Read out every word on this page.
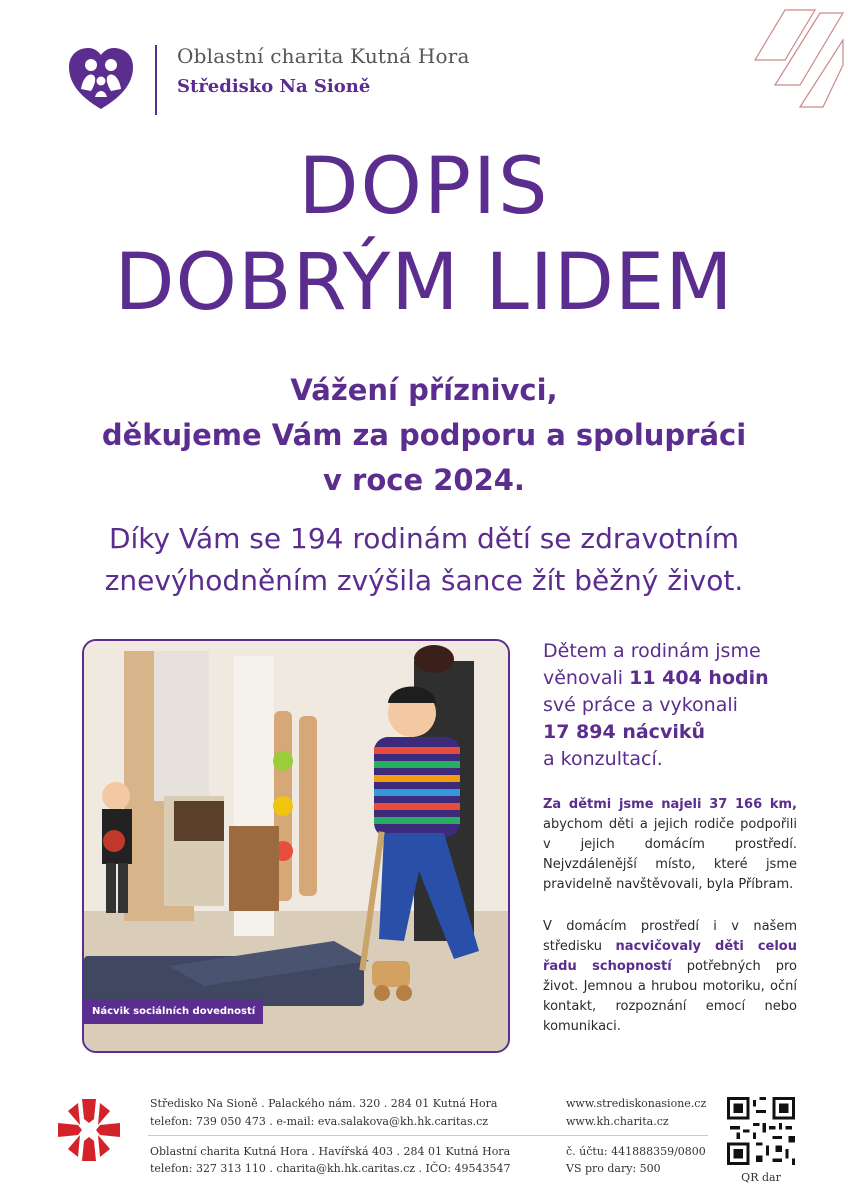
Oblastní charita Kutná Hora
Středisko Na Sioně
DOPIS
DOBRÝM LIDEM
Vážení příznivci,
děkujeme Vám za podporu a spolupráci
v roce 2024.
Díky Vám se 194 rodinám dětí se zdravotním
znevýhodněním zvýšila šance žít běžný život.
Nácvik sociálních dovedností
Dětem a rodinám jsme
věnovali 11 404 hodin
své práce a vykonali
17 894 nácviků
a konzultací.
Za dětmi jsme najeli 37 166 km, abychom děti a jejich rodiče podpořili v jejich domácím prostředí. Nejvzdálenější místo, které jsme pravidelně navštěvovali, byla Příbram.
V domácím prostředí i v našem středisku nacvičovaly děti celou řadu schopností potřebných pro život. Jemnou a hrubou motoriku, oční kontakt, rozpoznání emocí nebo komunikaci.
Středisko Na Sioně . Palackého nám. 320 . 284 01 Kutná Hora
telefon: 739 050 473 . e-mail: eva.salakova@kh.hk.caritas.cz
Oblastní charita Kutná Hora . Havířská 403 . 284 01 Kutná Hora
telefon: 327 313 110 . charita@kh.hk.caritas.cz . IČO: 49543547
www.strediskonasione.cz
www.kh.charita.cz
č. účtu: 441888359/0800
VS pro dary: 500
QR dar
